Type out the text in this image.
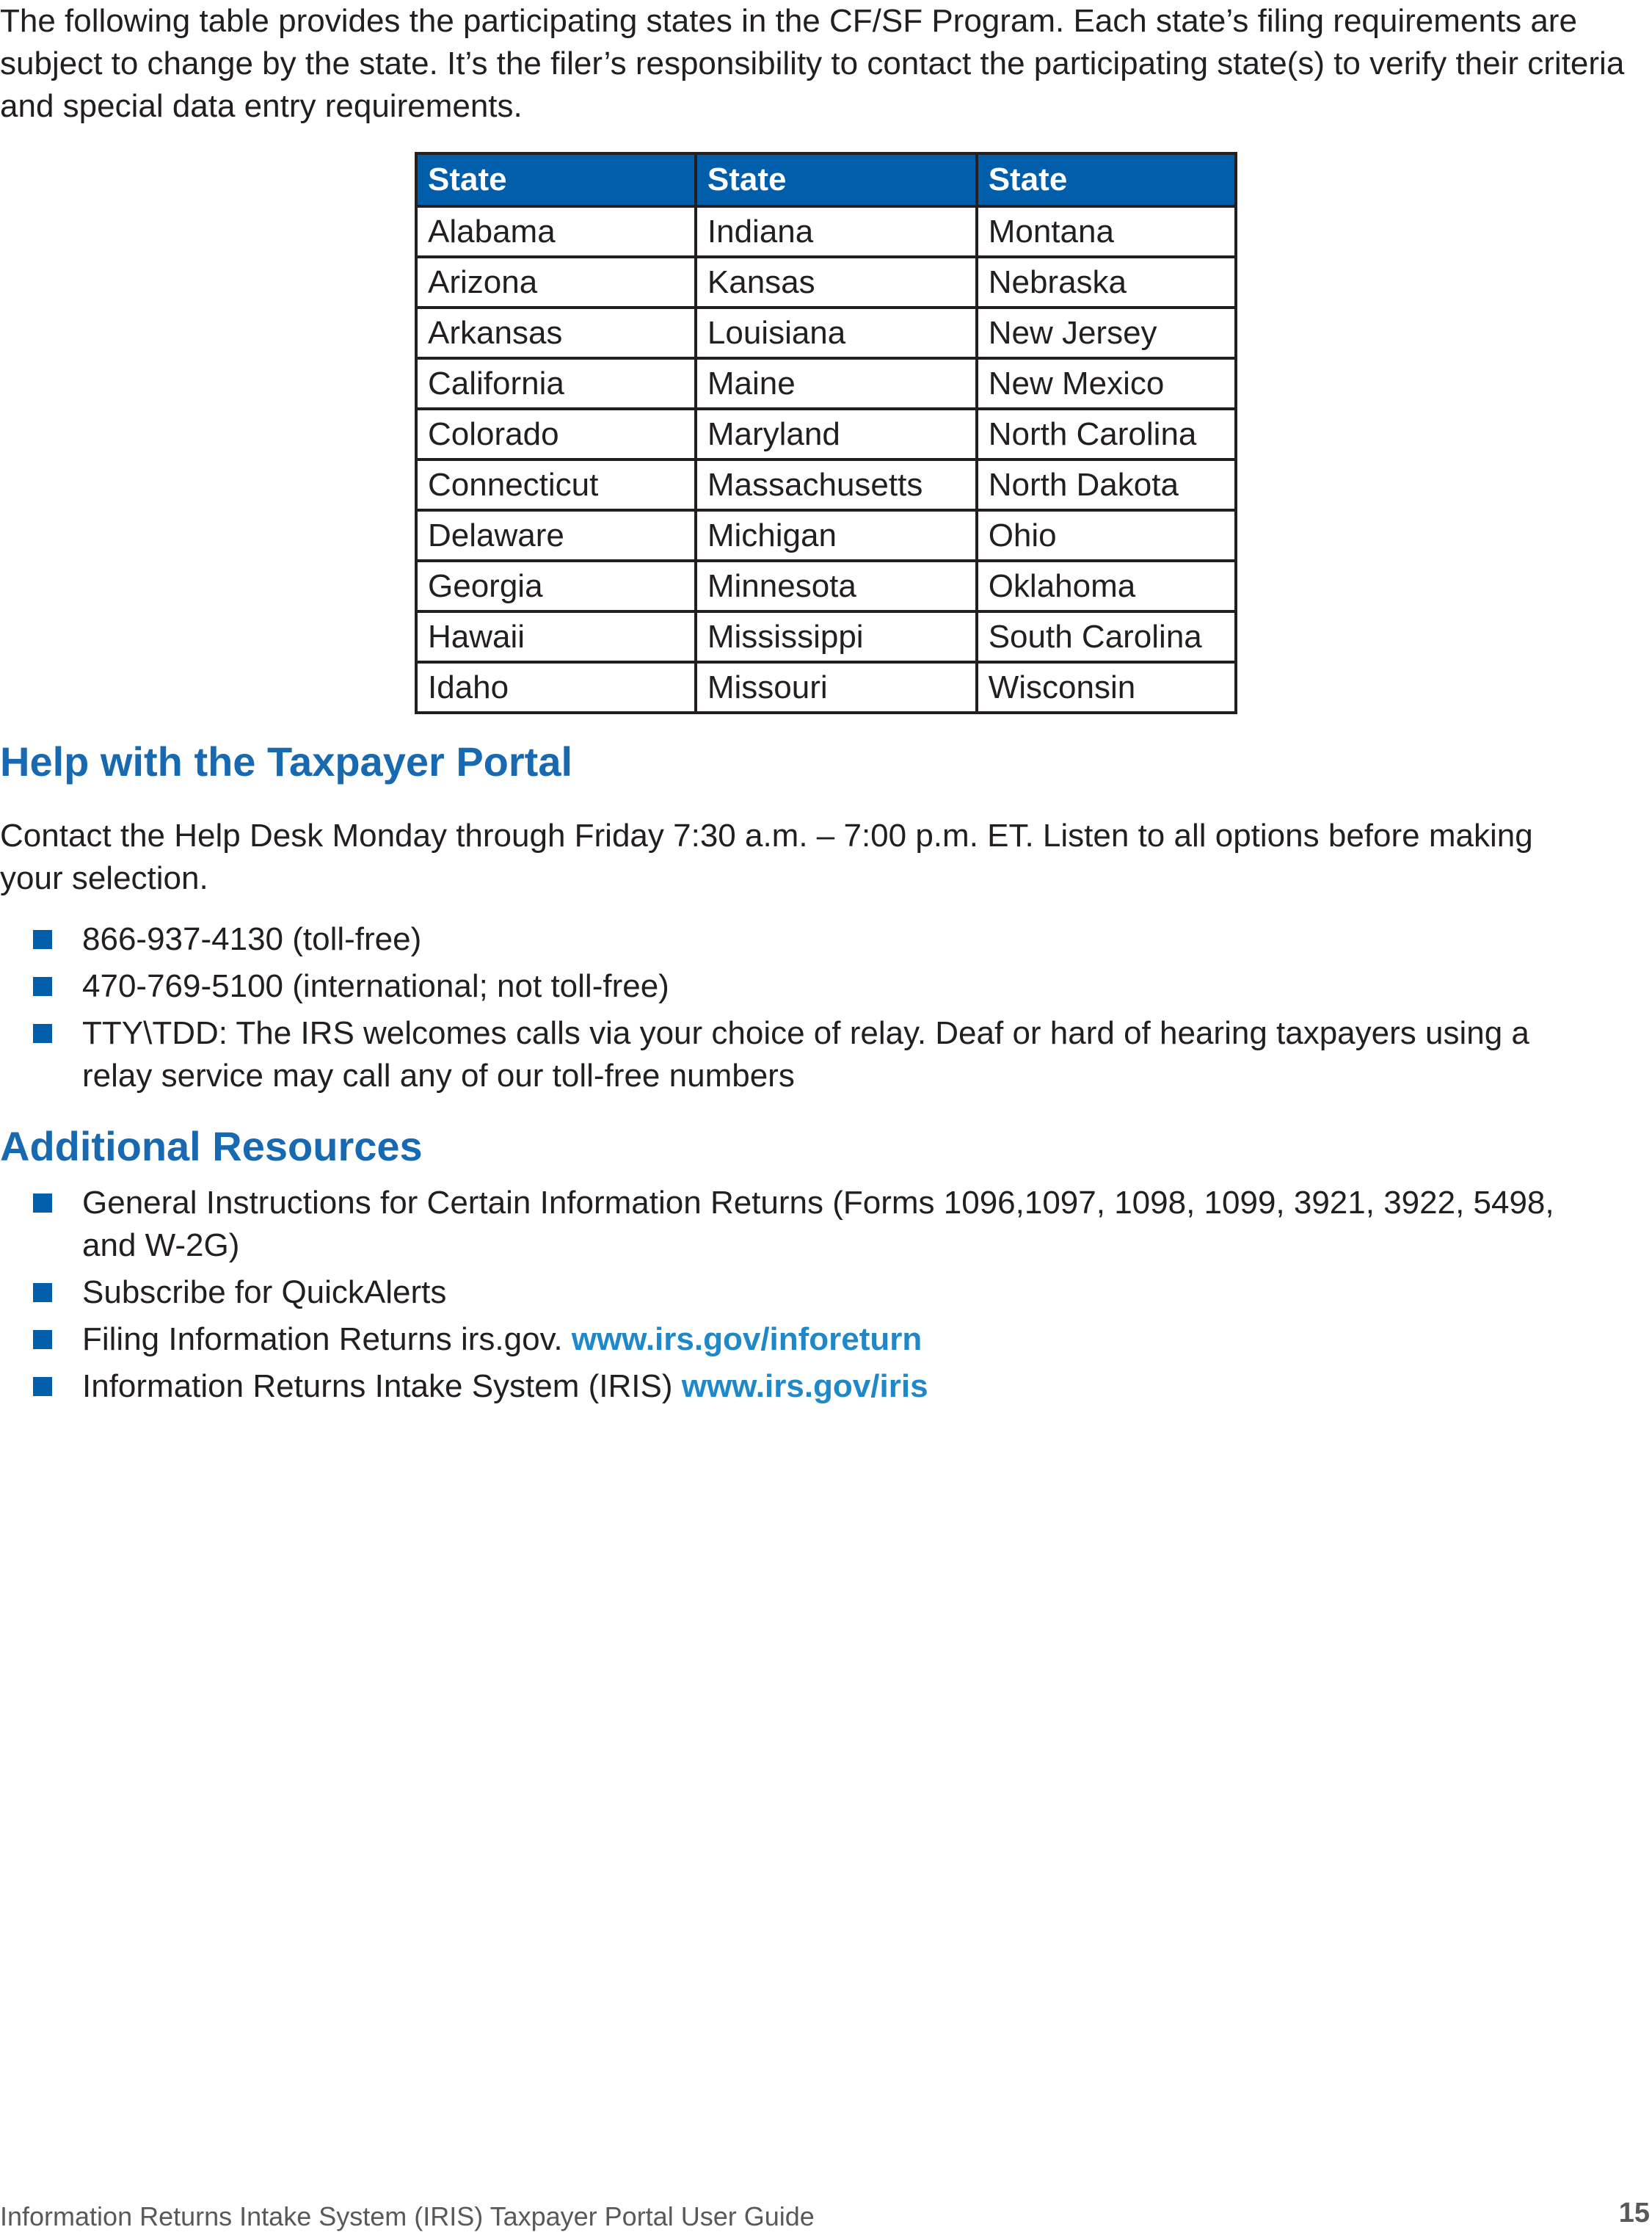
The following table provides the participating states in the CF/SF Program. Each state’s filing requirements are subject to change by the state. It’s the filer’s responsibility to contact the participating state(s) to verify their criteria and special data entry requirements.

State	State	State
Alabama	Indiana	Montana
Arizona	Kansas	Nebraska
Arkansas	Louisiana	New Jersey
California	Maine	New Mexico
Colorado	Maryland	North Carolina
Connecticut	Massachusetts	North Dakota
Delaware	Michigan	Ohio
Georgia	Minnesota	Oklahoma
Hawaii	Mississippi	South Carolina
Idaho	Missouri	Wisconsin
Help with the Taxpayer Portal

Contact the Help Desk Monday through Friday 7:30 a.m. – 7:00 p.m. ET. Listen to all options before making your selection.

866-937-4130 (toll-free)
470-769-5100 (international; not toll-free)
TTY\TDD: The IRS welcomes calls via your choice of relay. Deaf or hard of hearing taxpayers using a relay service may call any of our toll-free numbers
Additional Resources
General Instructions for Certain Information Returns (Forms 1096,1097, 1098, 1099, 3921, 3922, 5498, and W-2G)
Subscribe for QuickAlerts
Filing Information Returns irs.gov. www.irs.gov/inforeturn
Information Returns Intake System (IRIS) www.irs.gov/iris
Information Returns Intake System (IRIS) Taxpayer Portal User Guide	15
